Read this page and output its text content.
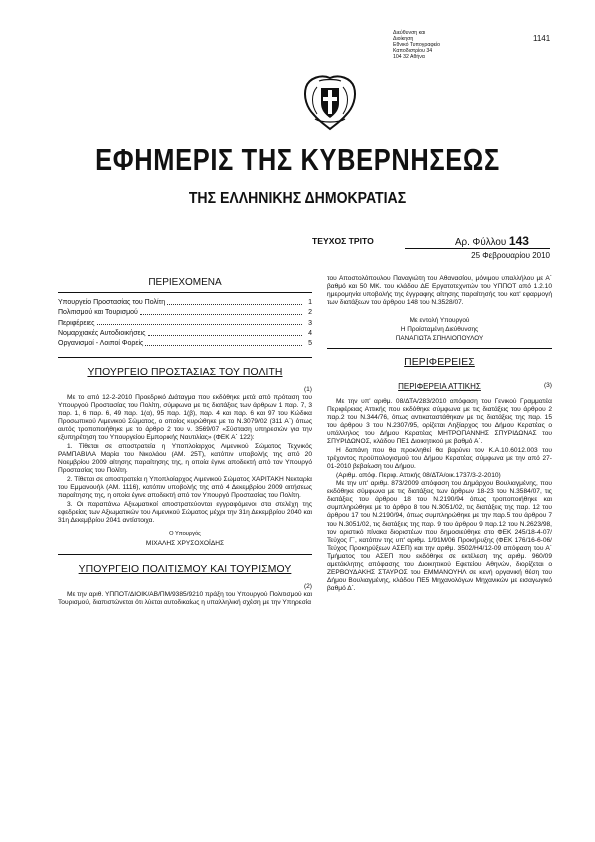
Διεύθυνση και
Διοίκηση
Εθνικό Τυπογραφείο
Καποδιστρίου 34
104 32 Αθήνα
1141
ΕΦΗΜΕΡΙΣ ΤΗΣ ΚΥΒΕΡΝΗΣΕΩΣ
ΤΗΣ ΕΛΛΗΝΙΚΗΣ ΔΗΜΟΚΡΑΤΙΑΣ
ΤΕΥΧΟΣ ΤΡΙΤΟ	Αρ. Φύλλου 143
25 Φεβρουαρίου 2010
ΠΕΡΙΕΧΟΜΕΝΑ
Υπουργείο Προστασίας του Πολίτη	1
Πολιτισμού και Τουρισμού	2
Περιφέρειες	3
Νομαρχιακές Αυτοδιοικήσεις	4
Οργανισμοί - Λοιποί Φορείς	5
ΥΠΟΥΡΓΕΙΟ ΠΡΟΣΤΑΣΙΑΣ ΤΟΥ ΠΟΛΙΤΗ
(1)

Με το από 12-2-2010 Προεδρικό Διάταγμα που εκδόθηκε μετά από πρόταση του Υπουργού Προστασίας του Πολίτη, σύμφωνα με τις διατάξεις των άρθρων 1 παρ. 7, 3 παρ. 1, 6 παρ. 6, 49 παρ. 1(α), 95 παρ. 1(β), παρ. 4 και παρ. 6 και 97 του Κώδικα Προσωπικού Λιμενικού Σώματος, ο οποίος κυρώθηκε με το Ν.3079/02 (311 Α΄) όπως αυτός τροποποιήθηκε με το άρθρο 2 του ν. 3569/07 «Σύσταση υπηρεσιών για την εξυπηρέτηση του Υπουργείου Εμπορικής Ναυτιλίας» (ΦΕΚ Α΄ 122):

1. Τίθεται σε αποστρατεία η Υποπλοίαρχος Λιμενικού Σώματος Τεχνικός ΡΑΜΠΑΒΙΛΑ Μαρία του Νικολάου (ΑΜ. 25Τ), κατόπιν υποβολής της από 20 Νοεμβρίου 2009 αίτησης παραίτησης της, η οποία έγινε αποδεκτή από τον Υπουργό Προστασίας του Πολίτη.

2. Τίθεται σε αποστρατεία η Υποπλοίαρχος Λιμενικού Σώματος ΧΑΡΙΤΑΚΗ Νεκταρία του Εμμανουήλ (ΑΜ. 1116), κατόπιν υποβολής της από 4 Δεκεμβρίου 2009 αιτήσεως παραίτησης της, η οποία έγινε αποδεκτή από τον Υπουργό Προστασίας του Πολίτη.

3. Οι παραπάνω Αξιωματικοί αποστρατεύονται εγγραφόμενοι στα στελέχη της εφεδρείας των Αξιωματικών του Λιμενικού Σώματος μέχρι την 31η Δεκεμβρίου 2040 και 31η Δεκεμβρίου 2041 αντίστοιχα.

Ο Υπουργός
ΜΙΧΑΛΗΣ ΧΡΥΣΟΧΟΪΔΗΣ
ΥΠΟΥΡΓΕΙΟ ΠΟΛΙΤΙΣΜΟΥ ΚΑΙ ΤΟΥΡΙΣΜΟΥ
(2)

Με την αριθ. ΥΠΠΟΤ/ΔΙΟΙΚ/ΑΒ/ΠΜ/9385/9210 πράξη του Υπουργού Πολιτισμού και Τουρισμού, διαπιστώνεται ότι λύεται αυτοδικαίως η υπαλληλική σχέση με την Υπηρεσία

του Αποστολόπουλου Παναγιώτη του Αθανασίου, μόνιμου υπαλλήλου με Α΄ βαθμό και 50 ΜΚ. του κλάδου ΔΕ Εργατοτεχνιτών του ΥΠΠΟΤ από 1.2.10 ημερομηνία υποβολής της έγγραφης αίτησης παραίτησής του κατ' εφαρμογή των διατάξεων του άρθρου 148 του Ν.3528/07.
Με εντολή Υπουργού
Η Προϊσταμένη Διεύθυνσης
ΠΑΝΑΓΙΩΤΑ ΣΠΗΛΙΟΠΟΥΛΟΥ
ΠΕΡΙΦΕΡΕΙΕΣ
(3)
ΠΕΡΙΦΕΡΕΙΑ ΑΤΤΙΚΗΣ

Με την υπ' αριθμ. 08/ΔΤΑ/283/2010 απόφαση του Γενικού Γραμματέα Περιφέρειας Αττικής που εκδόθηκε σύμφωνα με τις διατάξεις του άρθρου 2 παρ.2 του Ν.344/76, όπως αντικαταστάθηκαν με τις διατάξεις της παρ. 15 του άρθρου 3 του Ν.2307/95, ορίζεται Ληξίαρχος του Δήμου Κερατέας ο υπάλληλος του Δήμου Κερατέας ΜΗΤΡΟΠΑΝΝΗΣ ΣΠΥΡΙΔΩΝΑΣ του ΣΠΥΡΙΔΩΝΟΣ, κλάδου ΠΕ1 Διοικητικού με βαθμό Α΄.

Η δαπάνη που θα προκληθεί θα βαρύνει τον Κ.Α.10.6012.003 του τρέχοντος προϋπολογισμού του Δήμου Κερατέας σύμφωνα με την από 27-01-2010 βεβαίωση του Δήμου.

(Αριθμ. απόφ. Περιφ. Αττικής 08/ΔΤΑ/οικ.1737/3-2-2010)

Με την υπ' αριθμ. 873/2009 απόφαση του Δημάρχου Βουλιαγμένης, που εκδόθηκε σύμφωνα με τις διατάξεις των άρθρων 18-23 του Ν.3584/07, τις διατάξεις του άρθρου 18 του Ν.2190/94 όπως τροποποιήθηκε και συμπληρώθηκε με το άρθρο 8 του Ν.3051/02, τις διατάξεις της παρ. 12 του άρθρου 17 του Ν.2190/94, όπως συμπληρώθηκε με την παρ.5 του άρθρου 7 του Ν.3051/02, τις διατάξεις της παρ. 9 του άρθρου 9 παρ.12 του Ν.2623/98, τον οριστικό πίνακα διοριστέων που δημοσιεύθηκε στο ΦΕΚ 245/18-4-07/Τεύχος Γ΄, κατόπιν της υπ' αριθμ. 1/91Μ/06 Προκήρυξης (ΦΕΚ 176/16-6-06/Τεύχος Προκηρύξεων ΑΣΕΠ) και την αριθμ. 3502/Η4/12-09 απόφαση του Α΄ Τμήματος του ΑΣΕΠ που εκδόθηκε σε εκτέλεση της αριθμ. 960/09 αμετάκλητης απόφασης του Διοικητικού Εφετείου Αθηνών, διορίζεται ο ΖΕΡΒΟΥΔΑΚΗΣ ΣΤΑΥΡΟΣ του ΕΜΜΑΝΟΥΗΛ σε κενή οργανική θέση του Δήμου Βουλιαγμένης, κλάδου ΠΕ5 Μηχανολόγων Μηχανικών με εισαγωγικό βαθμό Δ΄.
